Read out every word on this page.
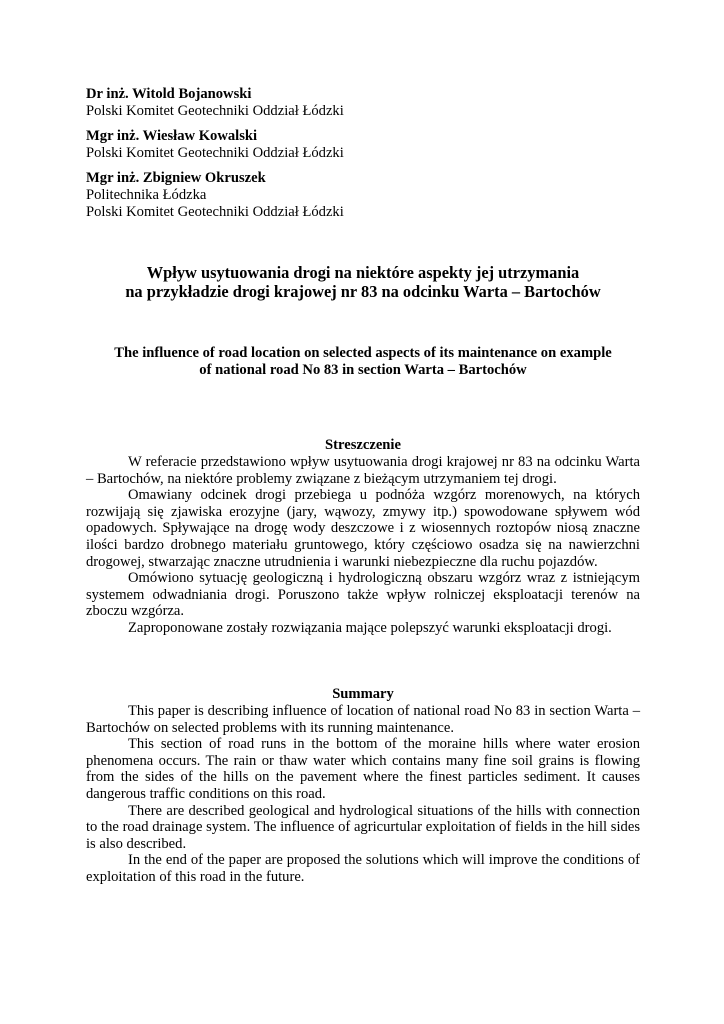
Dr inż. Witold Bojanowski
Polski Komitet Geotechniki Oddział Łódzki
Mgr inż. Wiesław Kowalski
Polski Komitet Geotechniki Oddział Łódzki
Mgr inż. Zbigniew Okruszek
Politechnika Łódzka
Polski Komitet Geotechniki Oddział Łódzki
Wpływ usytuowania drogi na niektóre aspekty jej utrzymania
na przykładzie drogi krajowej nr 83 na odcinku Warta – Bartochów
The influence of road location on selected aspects of its maintenance on example
of national road No 83 in section Warta – Bartochów
Streszczenie

W referacie przedstawiono wpływ usytuowania drogi krajowej nr 83 na odcinku Warta – Bartochów, na niektóre problemy związane z bieżącym utrzymaniem tej drogi.

Omawiany odcinek drogi przebiega u podnóża wzgórz morenowych, na których rozwijają się zjawiska erozyjne (jary, wąwozy, zmywy itp.) spowodowane spływem wód opadowych. Spływające na drogę wody deszczowe i z wiosennych roztopów niosą znaczne ilości bardzo drobnego materiału gruntowego, który częściowo osadza się na nawierzchni drogowej, stwarzając znaczne utrudnienia i warunki niebezpieczne dla ruchu pojazdów.

Omówiono sytuację geologiczną i hydrologiczną obszaru wzgórz wraz z istniejącym systemem odwadniania drogi. Poruszono także wpływ rolniczej eksploatacji terenów na zboczu wzgórza.

Zaproponowane zostały rozwiązania mające polepszyć warunki eksploatacji drogi.

Summary

This paper is describing influence of location of national road No 83 in section Warta – Bartochów on selected problems with its running maintenance.

This section of road runs in the bottom of the moraine hills where water erosion phenomena occurs. The rain or thaw water which contains many fine soil grains is flowing from the sides of the hills on the pavement where the finest particles sediment. It causes dangerous traffic conditions on this road.

There are described geological and hydrological situations of the hills with connection to the road drainage system. The influence of agricurtular exploitation of fields in the hill sides is also described.

In the end of the paper are proposed the solutions which will improve the conditions of exploitation of this road in the future.
